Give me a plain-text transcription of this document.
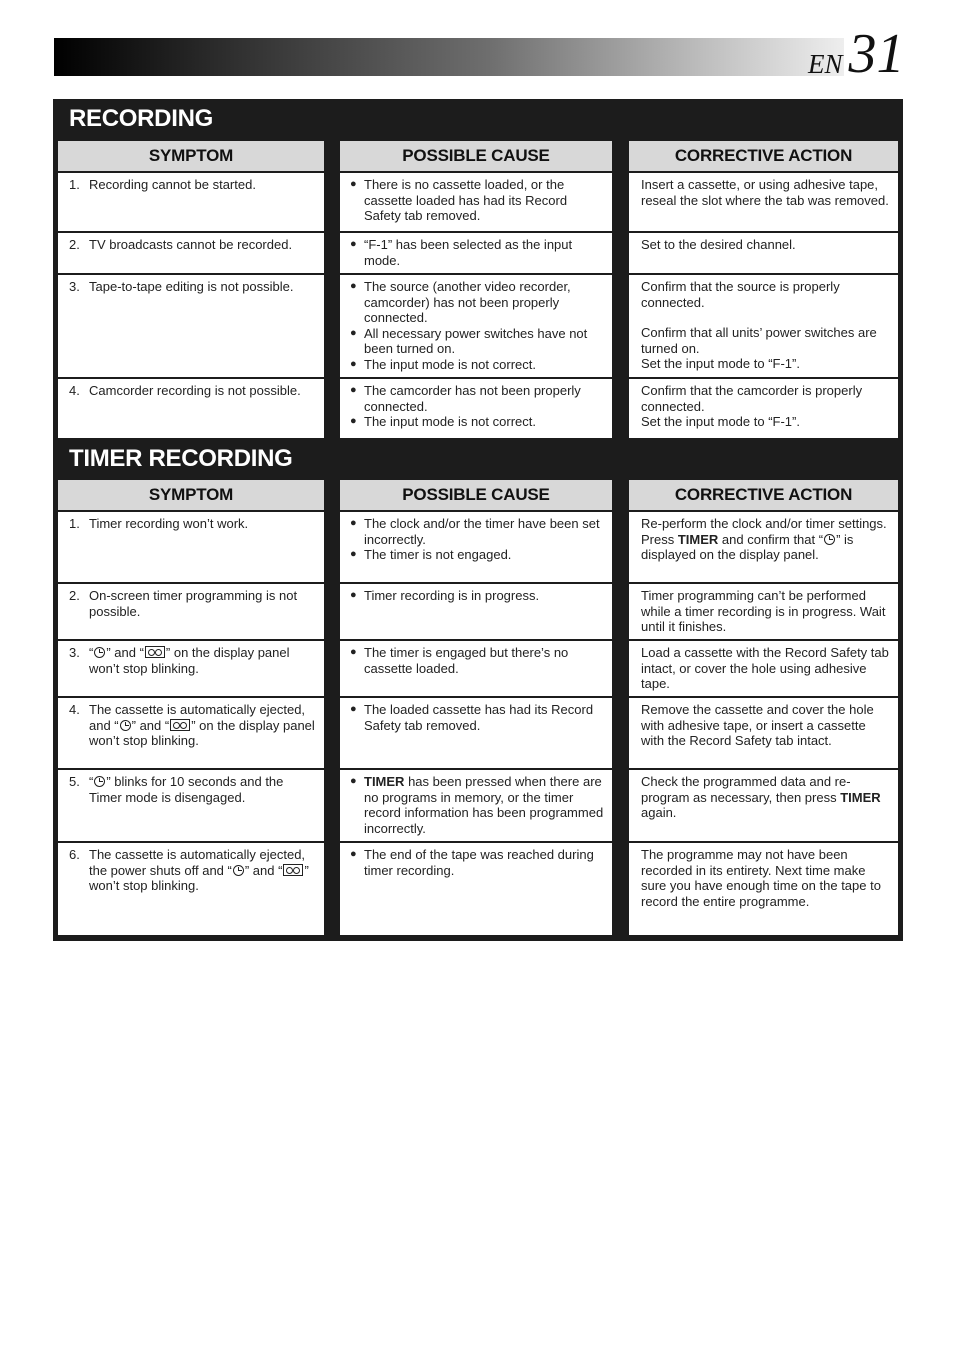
EN 31
RECORDING
SYMPTOM
1. Recording cannot be started.
2. TV broadcasts cannot be recorded.
3. Tape-to-tape editing is not possible.
4. Camcorder recording is not possible.
POSSIBLE CAUSE
● There is no cassette loaded, or the cassette loaded has had its Record Safety tab removed.
● “F-1” has been selected as the input mode.
● The source (another video recorder, camcorder) has not been properly connected.
● All necessary power switches have not been turned on.
● The input mode is not correct.
● The camcorder has not been properly connected.
● The input mode is not correct.
CORRECTIVE ACTION
Insert a cassette, or using adhesive tape, reseal the slot where the tab was removed.
Set to the desired channel.
Confirm that the source is properly connected.
Confirm that all units’ power switches are turned on.
Set the input mode to “F-1”.
Confirm that the camcorder is properly connected.
Set the input mode to “F-1”.
TIMER RECORDING
SYMPTOM
1. Timer recording won’t work.
2. On-screen timer programming is not possible.
3. “ ” and “ ” on the display panel won’t stop blinking.
4. The cassette is automatically ejected, and “ ” and “ ” on the display panel won’t stop blinking.
5. “ ” blinks for 10 seconds and the Timer mode is disengaged.
6. The cassette is automatically ejected, the power shuts off and “ ” and “ ” won’t stop blinking.
POSSIBLE CAUSE
● The clock and/or the timer have been set incorrectly.
● The timer is not engaged.
● Timer recording is in progress.
● The timer is engaged but there’s no cassette loaded.
● The loaded cassette has had its Record Safety tab removed.
● TIMER has been pressed when there are no programs in memory, or the timer record information has been programmed incorrectly.
● The end of the tape was reached during timer recording.
CORRECTIVE ACTION
Re-perform the clock and/or timer settings.
Press TIMER and confirm that “ ” is displayed on the display panel.
Timer programming can’t be performed while a timer recording is in progress. Wait until it finishes.
Load a cassette with the Record Safety tab intact, or cover the hole using adhesive tape.
Remove the cassette and cover the hole with adhesive tape, or insert a cassette with the Record Safety tab intact.
Check the programmed data and re-program as necessary, then press TIMER again.
The programme may not have been recorded in its entirety. Next time make sure you have enough time on the tape to record the entire programme.
